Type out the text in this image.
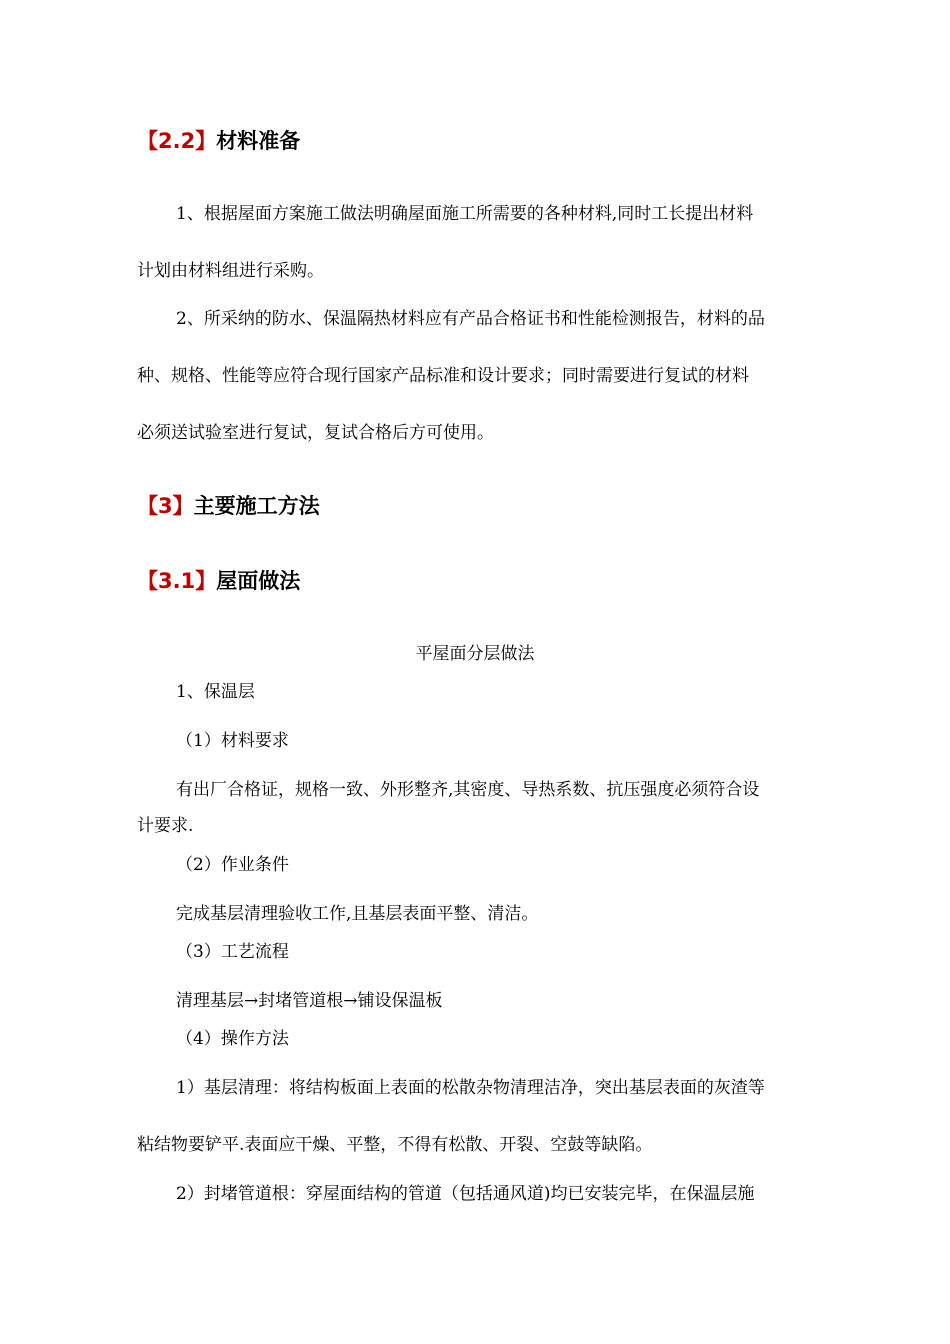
【2.2】材料准备
1、根据屋面方案施工做法明确屋面施工所需要的各种材料,同时工长提出材料
计划由材料组进行采购。
2、所采纳的防水、保温隔热材料应有产品合格证书和性能检测报告，材料的品
种、规格、性能等应符合现行国家产品标准和设计要求；同时需要进行复试的材料
必须送试验室进行复试，复试合格后方可使用。
【3】主要施工方法
【3.1】屋面做法
平屋面分层做法
1、保温层
（1）材料要求
有出厂合格证，规格一致、外形整齐,其密度、导热系数、抗压强度必须符合设
计要求.
（2）作业条件
完成基层清理验收工作,且基层表面平整、清洁。
（3）工艺流程
清理基层→封堵管道根→铺设保温板
（4）操作方法
1）基层清理：将结构板面上表面的松散杂物清理洁净，突出基层表面的灰渣等
粘结物要铲平.表面应干燥、平整，不得有松散、开裂、空鼓等缺陷。
2）封堵管道根：穿屋面结构的管道（包括通风道)均已安装完毕，在保温层施
